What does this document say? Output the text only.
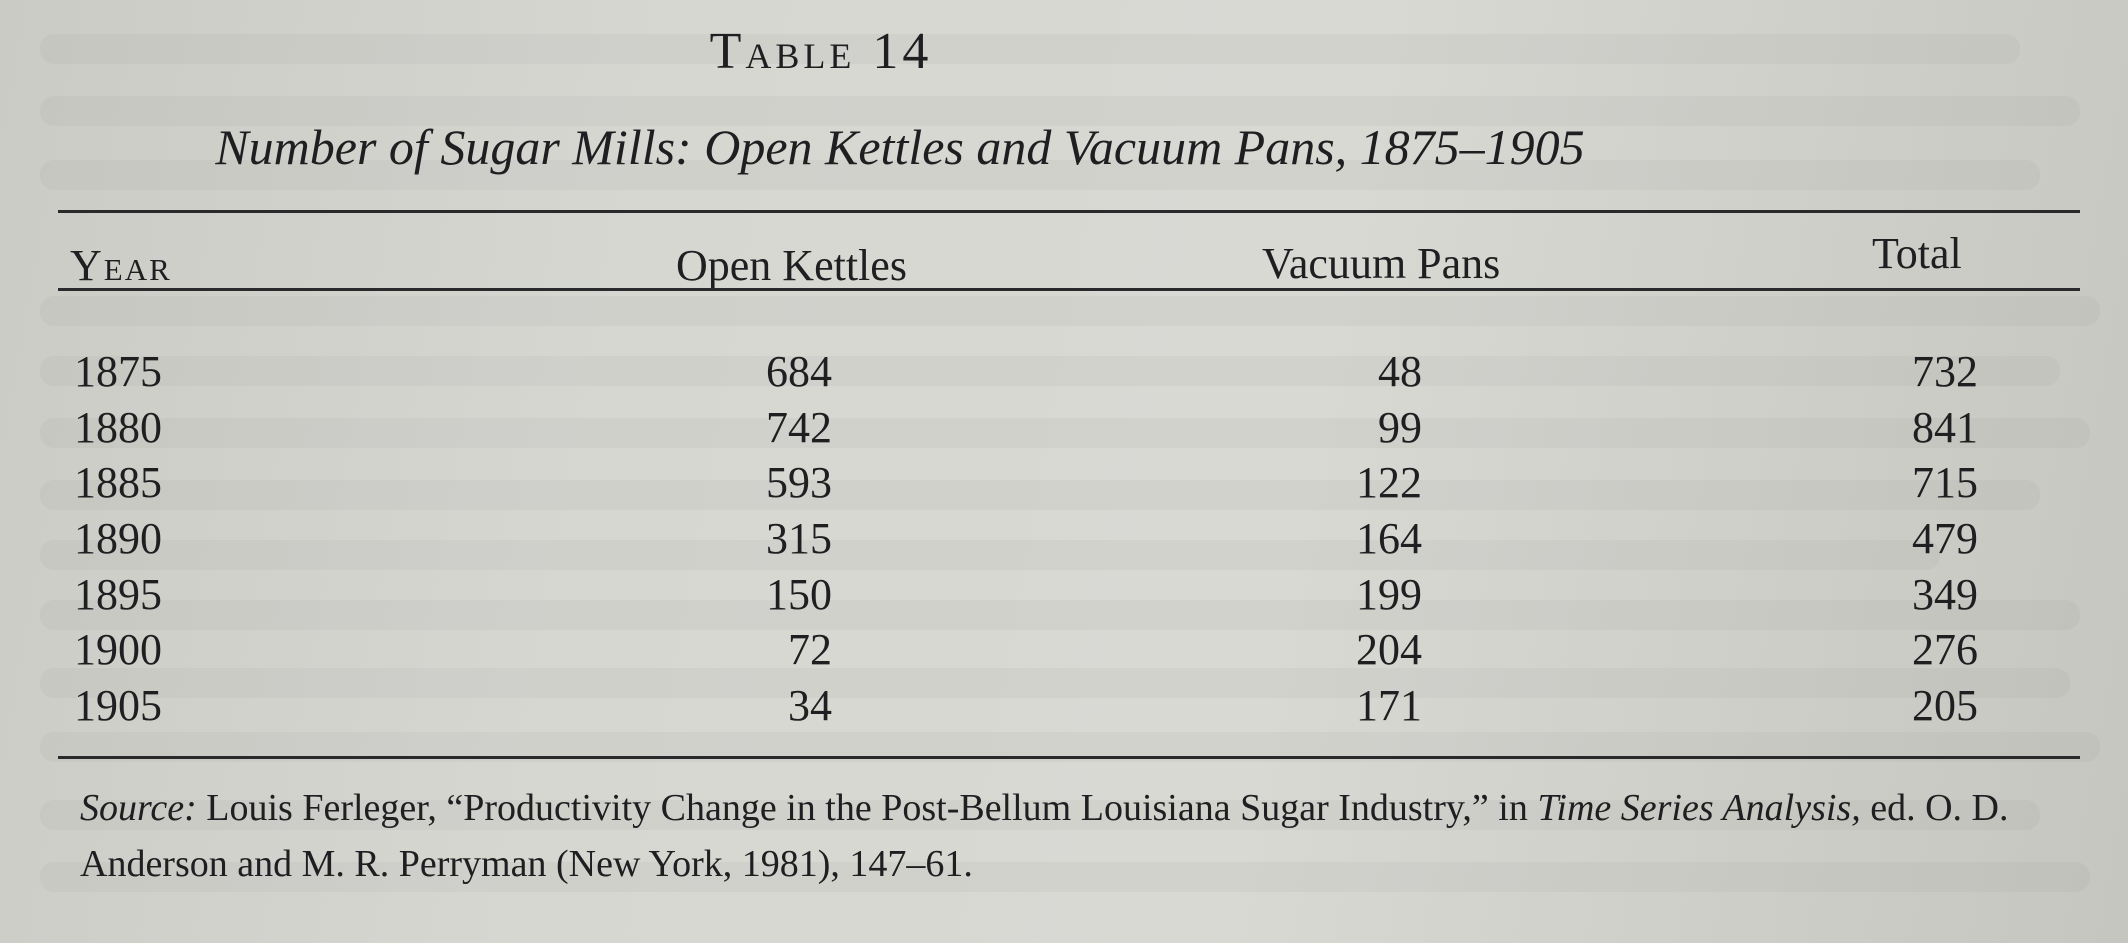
Table 14
Number of Sugar Mills: Open Kettles and Vacuum Pans, 1875–1905
Year	Open Kettles	Vacuum Pans	Total
1875	684	48	732
1880	742	99	841
1885	593	122	715
1890	315	164	479
1895	150	199	349
1900	72	204	276
1905	34	171	205
Source: Louis Ferleger, “Productivity Change in the Post-Bellum Louisiana Sugar Industry,” in Time Series Analysis, ed. O. D. Anderson and M. R. Perryman (New York, 1981), 147–61.
